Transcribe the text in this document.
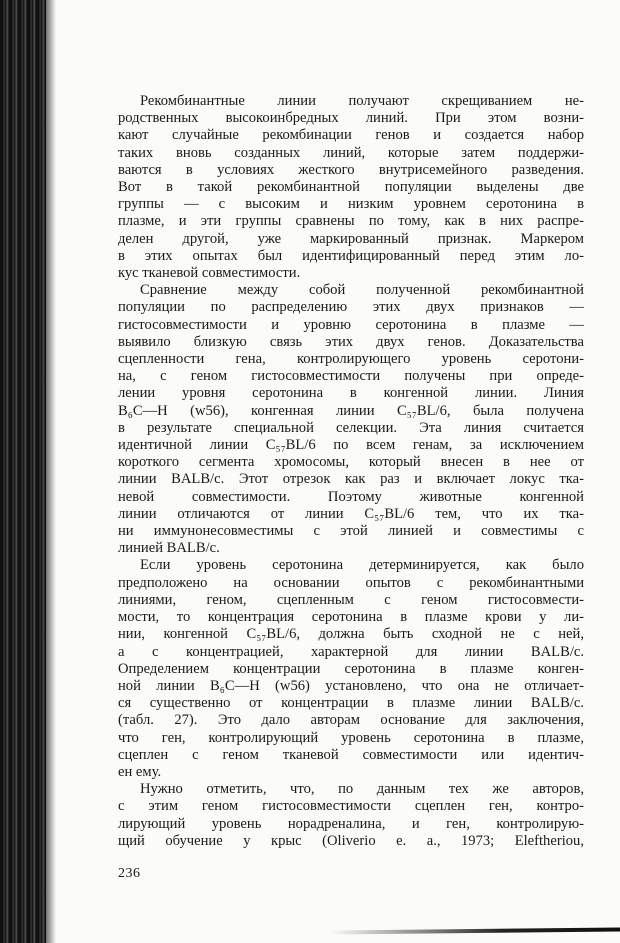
Рекомбинантные линии получают скрещиванием не-
родственных высокоинбредных линий. При этом возни-
кают случайные рекомбинации генов и создается набор
таких вновь созданных линий, которые затем поддержи-
ваются в условиях жесткого внутрисемейного разведения.
Вот в такой рекомбинантной популяции выделены две
группы — с высоким и низким уровнем серотонина в
плазме, и эти группы сравнены по тому, как в них распре-
делен другой, уже маркированный признак. Маркером
в этих опытах был идентифицированный перед этим ло-
кус тканевой совместимости.
Сравнение между собой полученной рекомбинантной
популяции по распределению этих двух признаков —
гистосовместимости и уровню серотонина в плазме —
выявило близкую связь этих двух генов. Доказательства
сцепленности гена, контролирующего уровень серотони-
на, с геном гистосовместимости получены при опреде-
лении уровня серотонина в конгенной линии. Линия
B₆C—H (w56), конгенная линии C₅₇BL/6, была получена
в результате специальной селекции. Эта линия считается
идентичной линии C₅₇BL/6 по всем генам, за исключением
короткого сегмента хромосомы, который внесен в нее от
линии BALB/c. Этот отрезок как раз и включает локус тка-
невой совместимости. Поэтому животные конгенной
линии отличаются от линии C₅₇BL/6 тем, что их тка-
ни иммунонесовместимы с этой линией и совместимы с
линией BALB/c.
Если уровень серотонина детерминируется, как было
предположено на основании опытов с рекомбинантными
линиями, геном, сцепленным с геном гистосовмести-
мости, то концентрация серотонина в плазме крови у ли-
нии, конгенной C₅₇BL/6, должна быть сходной не с ней,
а с концентрацией, характерной для линии BALB/c.
Определением концентрации серотонина в плазме конген-
ной линии B₆C—H (w56) установлено, что она не отличает-
ся существенно от концентрации в плазме линии BALB/c.
(табл. 27). Это дало авторам основание для заключения,
что ген, контролирующий уровень серотонина в плазме,
сцеплен с геном тканевой совместимости или идентич-
ен ему.
Нужно отметить, что, по данным тех же авторов,
с этим геном гистосовместимости сцеплен ген, контро-
лирующий уровень норадреналина, и ген, контролирую-
щий обучение у крыс (Oliverio e. a., 1973; Eleftheriou,
236
